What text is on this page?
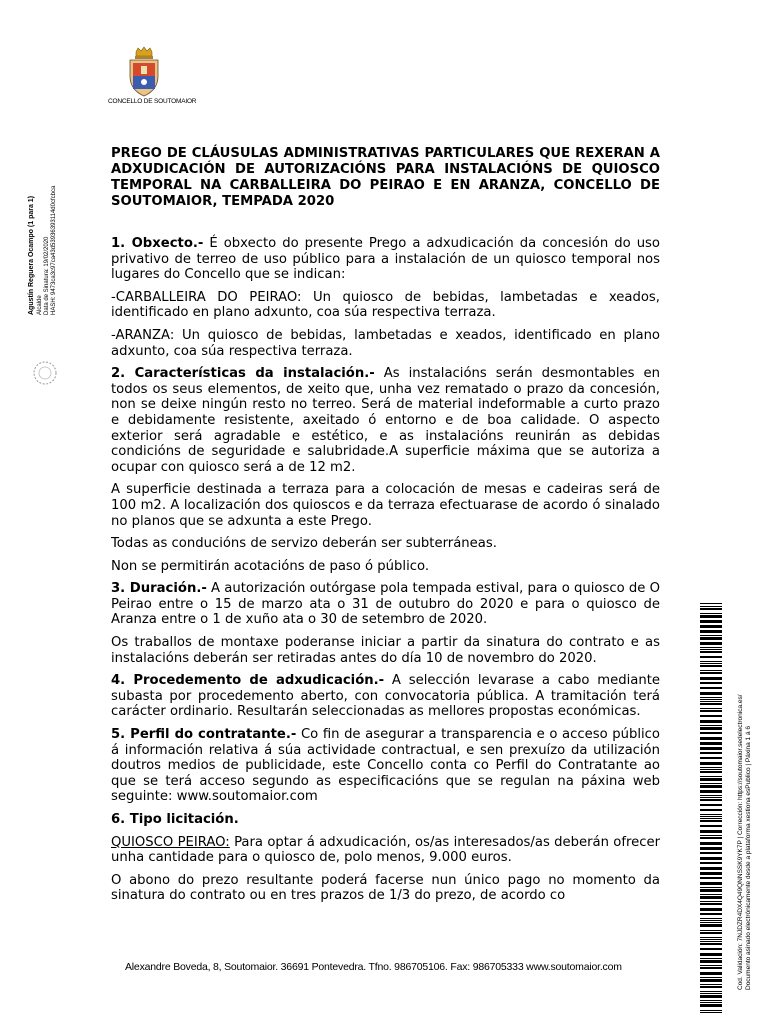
CONCELLO DE SOUTOMAIOR
Agustín Reguera Ocampo (1 para 1) Alcalde Data de Sinatura: 19/02/2020 HASH: 9473ca3c97ca43d53936393114d0cfcbca
PREGO DE CLÁUSULAS ADMINISTRATIVAS PARTICULARES QUE REXERAN A ADXUDICACIÓN DE AUTORIZACIÓNS PARA INSTALACIÓNS DE QUIOSCO TEMPORAL NA CARBALLEIRA DO PEIRAO E EN ARANZA, CONCELLO DE SOUTOMAIOR, TEMPADA 2020

1. Obxecto.- É obxecto do presente Prego a adxudicación da concesión do uso privativo de terreo de uso público para a instalación de un quiosco temporal nos lugares do Concello que se indican:

-CARBALLEIRA DO PEIRAO: Un quiosco de bebidas, lambetadas e xeados, identificado en plano adxunto, coa súa respectiva terraza.

-ARANZA: Un quiosco de bebidas, lambetadas e xeados, identificado en plano adxunto, coa súa respectiva terraza.

2. Características da instalación.- As instalacións serán desmontables en todos os seus elementos, de xeito que, unha vez rematado o prazo da concesión, non se deixe ningún resto no terreo. Será de material indeformable a curto prazo e debidamente resistente, axeitado ó entorno e de boa calidade. O aspecto exterior será agradable e estético, e as instalacións reunirán as debidas condicións de seguridade e salubridade.A superficie máxima que se autoriza a ocupar con quiosco será a de 12 m2.

A superficie destinada a terraza para a colocación de mesas e cadeiras será de 100 m2. A localización dos quioscos e da terraza efectuarase de acordo ó sinalado no planos que se adxunta a este Prego.

Todas as conducións de servizo deberán ser subterráneas.

Non se permitirán acotacións de paso ó público.

3. Duración.- A autorización outórgase pola tempada estival, para o quiosco de O Peirao entre o 15 de marzo ata o 31 de outubro do 2020 e para o quiosco de Aranza entre o 1 de xuño ata o 30 de setembro de 2020.

Os traballos de montaxe poderanse iniciar a partir da sinatura do contrato e as instalacións deberán ser retiradas antes do día 10 de novembro do 2020.

4. Procedemento de adxudicación.- A selección levarase a cabo mediante subasta por procedemento aberto, con convocatoria pública. A tramitación terá carácter ordinario. Resultarán seleccionadas as mellores propostas económicas.

5. Perfil do contratante.- Co fin de asegurar a transparencia e o acceso público á información relativa á súa actividade contractual, e sen prexuízo da utilización doutros medios de publicidade, este Concello conta co Perfil do Contratante ao que se terá acceso segundo as especificacións que se regulan na páxina web seguinte: www.soutomaior.com

6. Tipo licitación.

QUIOSCO PEIRAO: Para optar á adxudicación, os/as interesados/as deberán ofrecer unha cantidade para o quiosco de, polo menos, 9.000 euros.

O abono do prezo resultante poderá facerse nun único pago no momento da sinatura do contrato ou en tres prazos de 1/3 do prezo, de acordo co

Alexandre Boveda, 8, Soutomaior. 36691 Pontevedra. Tfno. 986705106. Fax: 986705333 www.soutomaior.com	Cod. Validación: 7NJDZR4DX4Q49QNNSSK9YK7P | Corrección: https://soutomaior.sedelectronica.es/ Documento asinado electrónicamente desde a plataforma xestiona esPublico | Páxina 1 á 6
